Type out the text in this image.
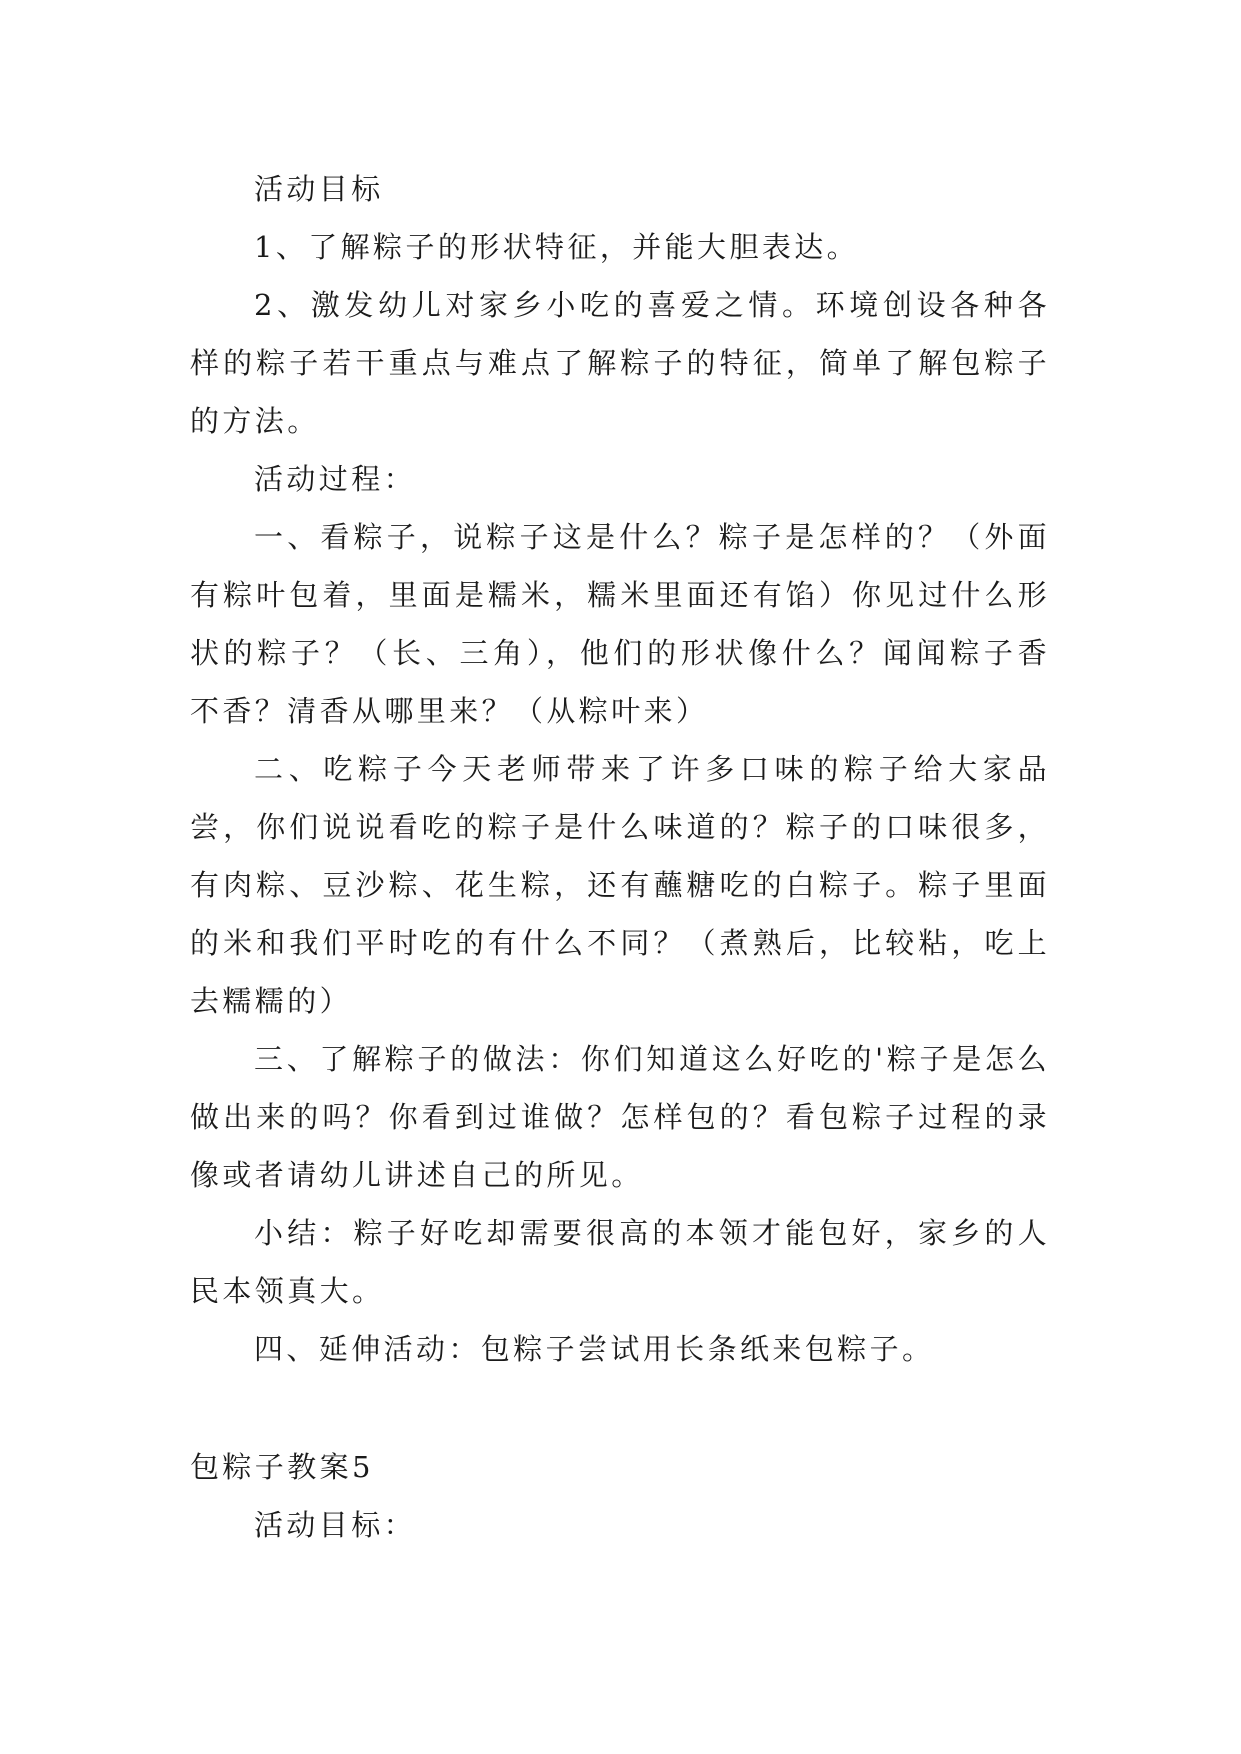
活动目标

1、了解粽子的形状特征，并能大胆表达。

2、激发幼儿对家乡小吃的喜爱之情。环境创设各种各样的粽子若干重点与难点了解粽子的特征，简单了解包粽子的方法。

活动过程：

一、看粽子，说粽子这是什么？粽子是怎样的？（外面有粽叶包着，里面是糯米，糯米里面还有馅）你见过什么形状的粽子？（长、三角），他们的形状像什么？闻闻粽子香不香？清香从哪里来？（从粽叶来）

二、吃粽子今天老师带来了许多口味的粽子给大家品尝，你们说说看吃的粽子是什么味道的？粽子的口味很多，有肉粽、豆沙粽、花生粽，还有蘸糖吃的白粽子。粽子里面的米和我们平时吃的有什么不同？（煮熟后，比较粘，吃上去糯糯的）

三、了解粽子的做法：你们知道这么好吃的'粽子是怎么做出来的吗？你看到过谁做？怎样包的？看包粽子过程的录像或者请幼儿讲述自己的所见。

小结：粽子好吃却需要很高的本领才能包好，家乡的人民本领真大。

四、延伸活动：包粽子尝试用长条纸来包粽子。

包粽子教案5

活动目标：
